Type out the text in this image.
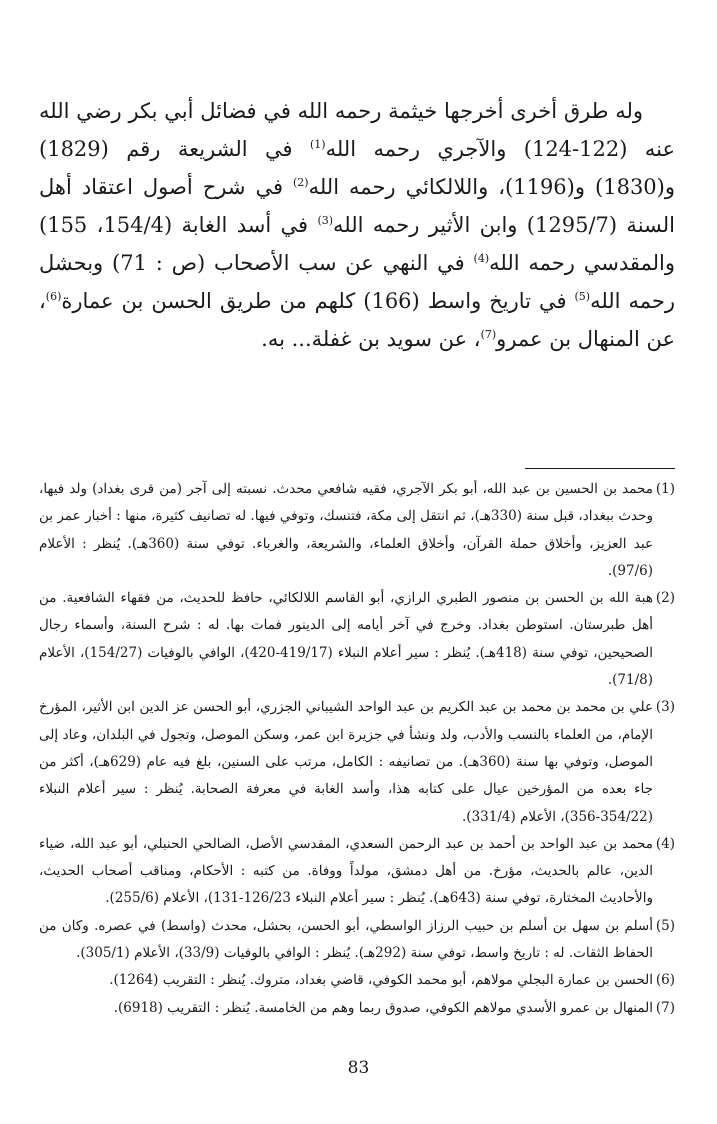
وله طرق أخرى أخرجها خيثمة رحمه الله في فضائل أبي بكر رضي الله عنه (122-124) والآجري رحمه الله$^{(1)}$ في الشريعة رقم (1829) و(1830) و(1196)، واللالكائي رحمه الله$^{(2)}$ في شرح أصول اعتقاد أهل السنة (1295/7) وابن الأثير رحمه الله$^{(3)}$ في أسد الغابة (154/4، 155) والمقدسي رحمه الله$^{(4)}$ في النهي عن سب الأصحاب (ص : 71) وبحشل رحمه الله$^{(5)}$ في تاريخ واسط (166) كلهم من طريق الحسن بن عمارة$^{(6)}$، عن المنهال بن عمرو$^{(7)}$، عن سويد بن غفلة... به.

(1)
محمد بن الحسين بن عبد الله، أبو بكر الآجري، فقيه شافعي محدث. نسبته إلى آجر (من قرى بغداد) ولد فيها، وحدث ببغداد، قبل سنة (330هـ)، ثم انتقل إلى مكة، فتنسك، وتوفي فيها. له تصانيف كثيرة، منها : أخبار عمر بن عبد العزيز، وأخلاق حملة القرآن، وأخلاق العلماء، والشريعة، والغرباء. توفي سنة (360هـ). يُنظر : الأعلام (97/6).
(2)
هبة الله بن الحسن بن منصور الطبري الرازي، أبو القاسم اللالكائي، حافظ للحديث، من فقهاء الشافعية. من أهل طبرستان. استوطن بغداد. وخرج في آخر أيامه إلى الدينور فمات بها. له : شرح السنة، وأسماء رجال الصحيحين، توفي سنة (418هـ). يُنظر : سير أعلام النبلاء (419/17-420)، الوافي بالوفيات (154/27)، الأعلام (71/8).
(3)
علي بن محمد بن محمد بن عبد الكريم بن عبد الواحد الشيباني الجزري، أبو الحسن عز الدين ابن الأثير، المؤرخ الإمام، من العلماء بالنسب والأدب، ولد ونشأ في جزيرة ابن عمر، وسكن الموصل، وتجول في البلدان، وعاد إلى الموصل، وتوفي بها سنة (360هـ). من تصانيفه : الكامل، مرتب على السنين، بلغ فيه عام (629هـ)، أكثر من جاء بعده من المؤرخين عيال على كتابه هذا، وأسد الغابة في معرفة الصحابة. يُنظر : سير أعلام النبلاء (354/22-356)، الأعلام (331/4).
(4)
محمد بن عبد الواحد بن أحمد بن عبد الرحمن السعدي، المقدسي الأصل، الصالحي الحنبلي، أبو عبد الله، ضياء الدين، عالم بالحديث، مؤرخ. من أهل دمشق، مولداً ووفاة. من كتبه : الأحكام، ومناقب أصحاب الحديث، والأحاديث المختارة، توفي سنة (643هـ). يُنظر : سير أعلام النبلاء 126/23-131)، الأعلام (255/6).
(5)
أسلم بن سهل بن أسلم بن حبيب الرزاز الواسطي، أبو الحسن، بحشل، محدث (واسط) في عصره. وكان من الحفاظ الثقات. له : تاريخ واسط، توفي سنة (292هـ). يُنظر : الوافي بالوفيات (33/9)، الأعلام (305/1).
(6)
الحسن بن عمارة البجلي مولاهم، أبو محمد الكوفي، قاضي بغداد، متروك. يُنظر : التقريب (1264).
(7)
المنهال بن عمرو الأسدي مولاهم الكوفي، صدوق ربما وهم من الخامسة. يُنظر : التقريب (6918).
83
